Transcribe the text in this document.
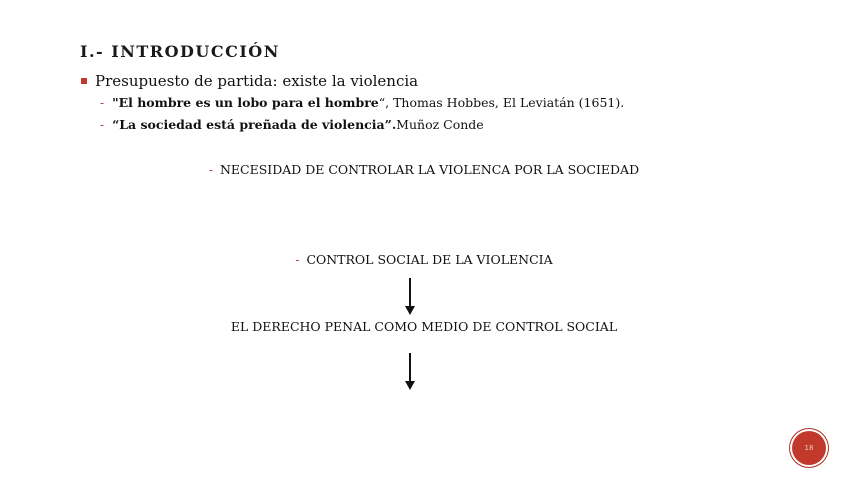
I.- INTRODUCCIÓN
Presupuesto de partida: existe la violencia
- "El hombre es un lobo para el hombre “, Thomas Hobbes, El Leviatán (1651).
- “La sociedad está preñada de violencia”. Muñoz Conde
- NECESIDAD DE CONTROLAR LA VIOLENCA POR LA SOCIEDAD
- CONTROL SOCIAL DE LA VIOLENCIA
EL DERECHO PENAL COMO MEDIO DE CONTROL SOCIAL
18
